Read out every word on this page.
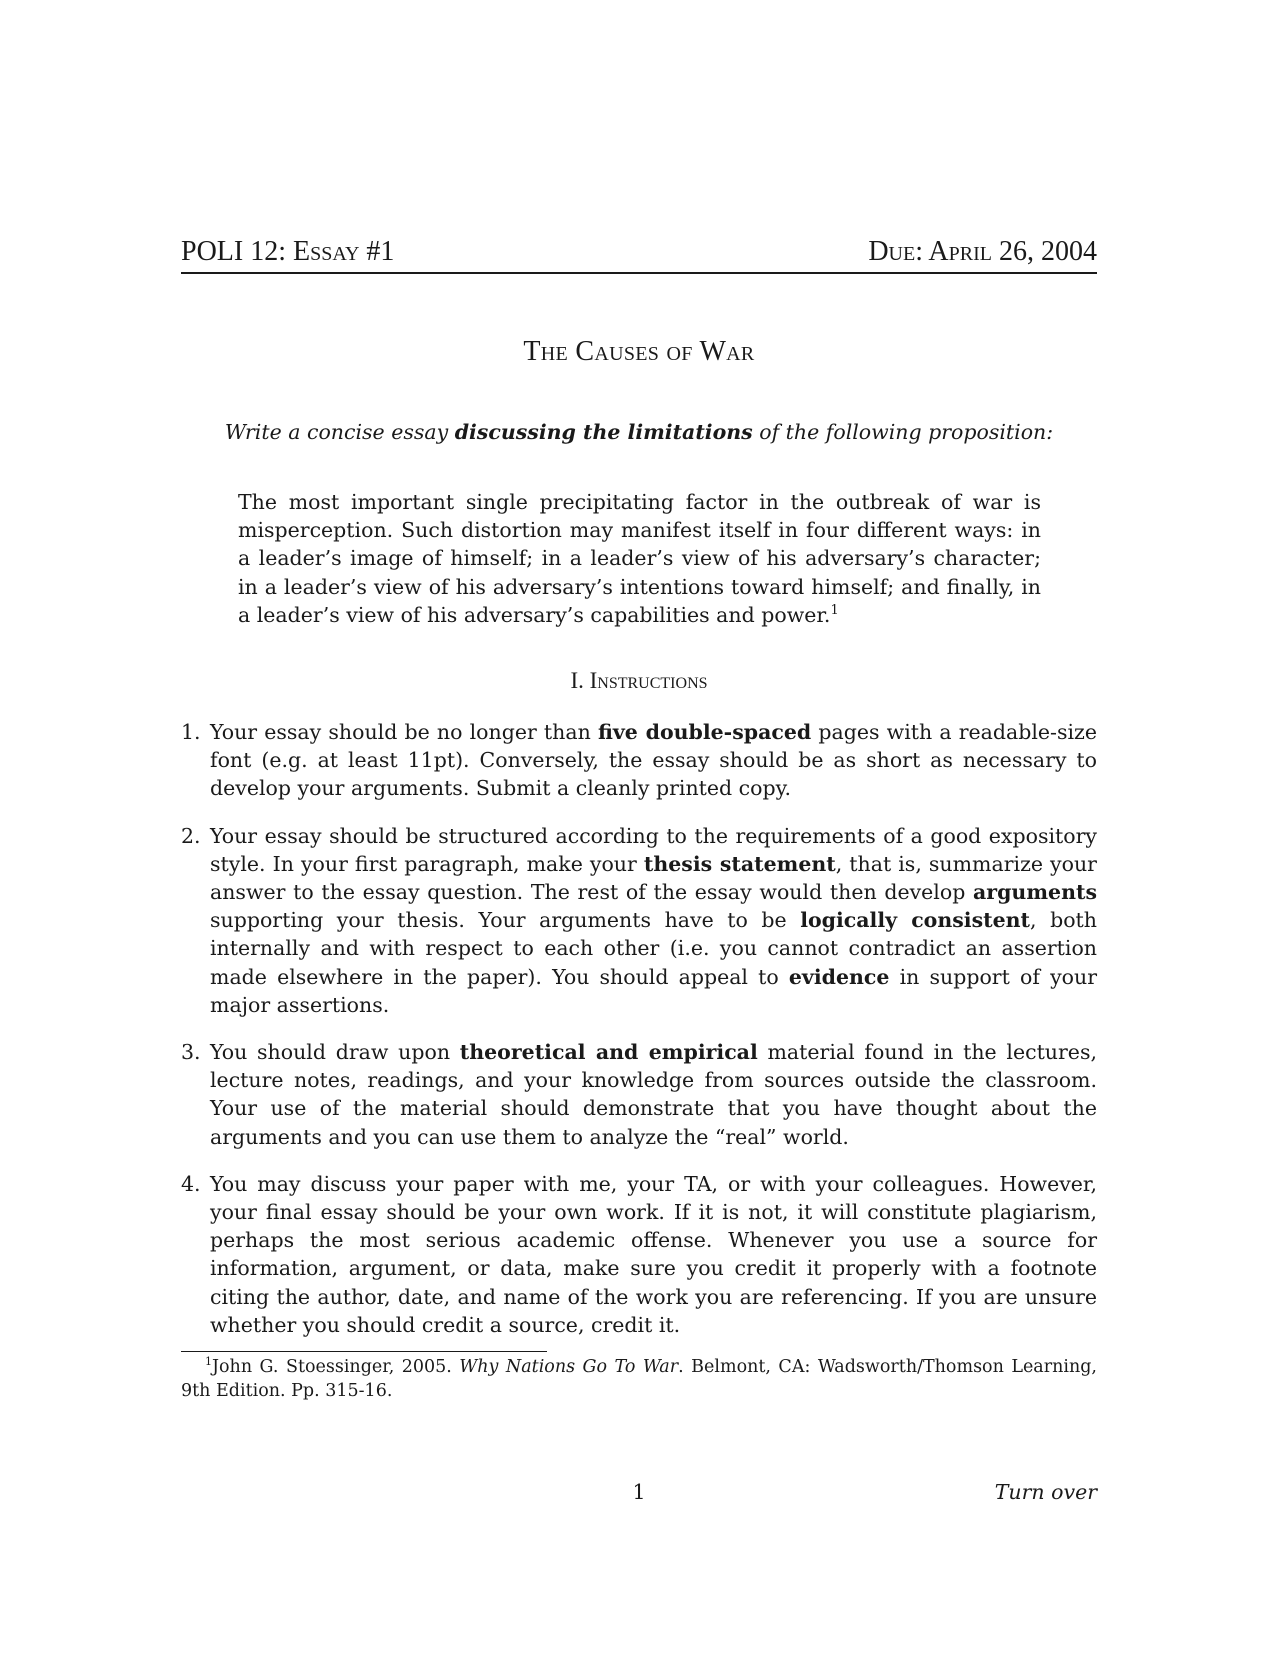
POLI 12: Essay #1	Due: April 26, 2004
The Causes of War
Write a concise essay discussing the limitations of the following proposition:
The most important single precipitating factor in the outbreak of war is misperception. Such distortion may manifest itself in four different ways: in a leader’s image of himself; in a leader’s view of his adversary’s character; in a leader’s view of his adversary’s intentions toward himself; and finally, in a leader’s view of his adversary’s capabilities and power.$^1$
I. Instructions
1. Your essay should be no longer than five double-spaced pages with a readable-size font (e.g. at least 11pt). Conversely, the essay should be as short as necessary to develop your arguments. Submit a cleanly printed copy.
2. Your essay should be structured according to the requirements of a good expository style. In your first paragraph, make your thesis statement, that is, summarize your answer to the essay question. The rest of the essay would then develop arguments supporting your thesis. Your arguments have to be logically consistent, both internally and with respect to each other (i.e. you cannot contradict an assertion made elsewhere in the paper). You should appeal to evidence in support of your major assertions.
3. You should draw upon theoretical and empirical material found in the lectures, lecture notes, readings, and your knowledge from sources outside the classroom. Your use of the material should demonstrate that you have thought about the arguments and you can use them to analyze the “real” world.
4. You may discuss your paper with me, your TA, or with your colleagues. However, your final essay should be your own work. If it is not, it will constitute plagiarism, perhaps the most serious academic offense. Whenever you use a source for information, argument, or data, make sure you credit it properly with a footnote citing the author, date, and name of the work you are referencing. If you are unsure whether you should credit a source, credit it.
$^1$John G. Stoessinger, 2005. Why Nations Go To War. Belmont, CA: Wadsworth/Thomson Learning, 9th Edition. Pp. 315-16.
1	Turn over
